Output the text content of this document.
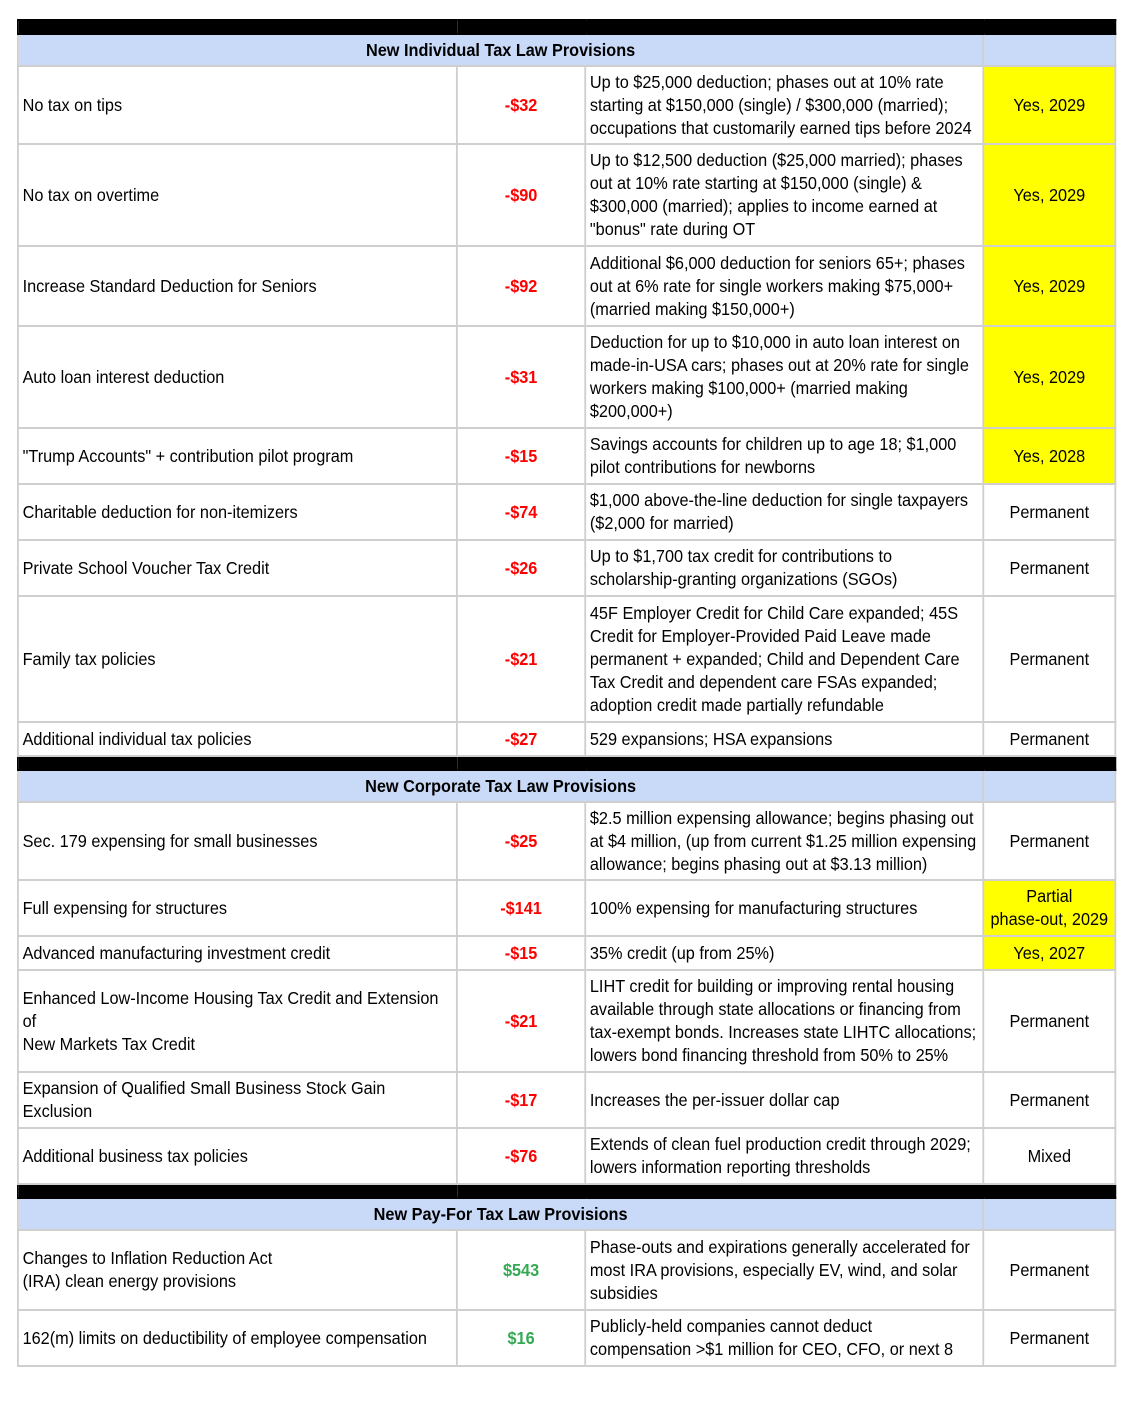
New Individual Tax Law Provisions			
No tax on tips	-$32	Up to $25,000 deduction; phases out at 10% rate
starting at $150,000 (single) / $300,000 (married);
occupations that customarily earned tips before 2024	Yes, 2029
No tax on overtime	-$90	Up to $12,500 deduction ($25,000 married); phases
out at 10% rate starting at $150,000 (single) &
$300,000 (married); applies to income earned at
"bonus" rate during OT	Yes, 2029
Increase Standard Deduction for Seniors	-$92	Additional $6,000 deduction for seniors 65+; phases
out at 6% rate for single workers making $75,000+
(married making $150,000+)	Yes, 2029
Auto loan interest deduction	-$31	Deduction for up to $10,000 in auto loan interest on
made-in-USA cars; phases out at 20% rate for single
workers making $100,000+ (married making
$200,000+)	Yes, 2029
"Trump Accounts" + contribution pilot program	-$15	Savings accounts for children up to age 18; $1,000
pilot contributions for newborns	Yes, 2028
Charitable deduction for non-itemizers	-$74	$1,000 above-the-line deduction for single taxpayers
($2,000 for married)	Permanent
Private School Voucher Tax Credit	-$26	Up to $1,700 tax credit for contributions to
scholarship-granting organizations (SGOs)	Permanent
Family tax policies	-$21	45F Employer Credit for Child Care expanded; 45S
Credit for Employer-Provided Paid Leave made
permanent + expanded; Child and Dependent Care
Tax Credit and dependent care FSAs expanded;
adoption credit made partially refundable	Permanent
Additional individual tax policies	-$27	529 expansions; HSA expansions	Permanent

New Corporate Tax Law Provisions			
Sec. 179 expensing for small businesses	-$25	$2.5 million expensing allowance; begins phasing out
at $4 million, (up from current $1.25 million expensing
allowance; begins phasing out at $3.13 million)	Permanent
Full expensing for structures	-$141	100% expensing for manufacturing structures	Partial
phase-out, 2029
Advanced manufacturing investment credit	-$15	35% credit (up from 25%)	Yes, 2027
Enhanced Low-Income Housing Tax Credit and Extension of
New Markets Tax Credit	-$21	LIHT credit for building or improving rental housing
available through state allocations or financing from
tax-exempt bonds. Increases state LIHTC allocations;
lowers bond financing threshold from 50% to 25%	Permanent
Expansion of Qualified Small Business Stock Gain
Exclusion	-$17	Increases the per-issuer dollar cap	Permanent
Additional business tax policies	-$76	Extends of clean fuel production credit through 2029;
lowers information reporting thresholds	Mixed

New Pay-For Tax Law Provisions			
Changes to Inflation Reduction Act
(IRA) clean energy provisions	$543	Phase-outs and expirations generally accelerated for
most IRA provisions, especially EV, wind, and solar
subsidies	Permanent
162(m) limits on deductibility of employee compensation	$16	Publicly-held companies cannot deduct
compensation >$1 million for CEO, CFO, or next 8	Permanent
